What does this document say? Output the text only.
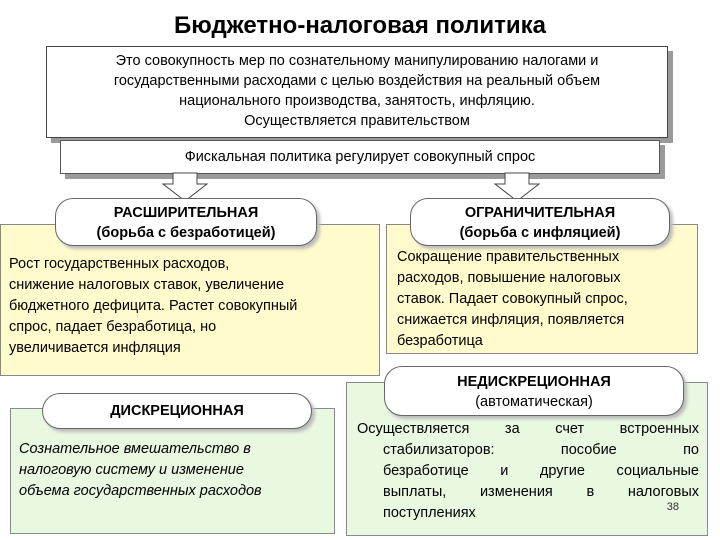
Бюджетно-налоговая политика
Это совокупность мер по сознательному манипулированию налогами и
государственными расходами с целью воздействия на реальный объем
национального производства, занятость, инфляцию.
Осуществляется правительством
Фискальная политика регулирует совокупный спрос
Рост государственных расходов,
снижение налоговых ставок, увеличение
бюджетного дефицита. Растет совокупный
спрос, падает безработица, но
увеличивается инфляция
РАСШИРИТЕЛЬНАЯ
(борьба с безработицей)
Сокращение правительственных
расходов, повышение налоговых
ставок. Падает совокупный спрос,
снижается инфляция, появляется
безработица
ОГРАНИЧИТЕЛЬНАЯ
(борьба с инфляцией)
Сознательное вмешательство в
налоговую систему и изменение
объема государственных расходов
ДИСКРЕЦИОННАЯ
Осуществляется за счет встроенных
стабилизаторов: пособие по
безработице и другие социальные
выплаты, изменения в налоговых
поступлениях	38
НЕДИСКРЕЦИОННАЯ
(автоматическая)
